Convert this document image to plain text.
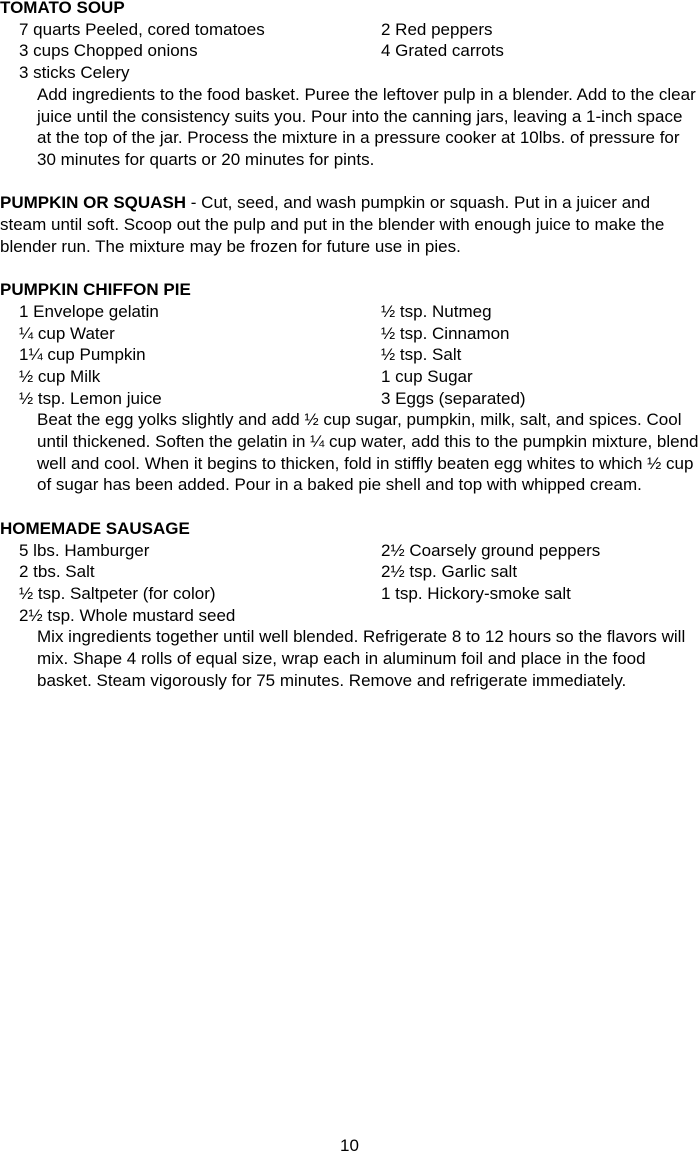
TOMATO SOUP
7 quarts Peeled, cored tomatoes	2 Red peppers
3 cups Chopped onions	4 Grated carrots
3 sticks Celery

Add ingredients to the food basket. Puree the leftover pulp in a blender. Add to the clear juice until the consistency suits you. Pour into the canning jars, leaving a 1-inch space at the top of the jar. Process the mixture in a pressure cooker at 10lbs. of pressure for 30 minutes for quarts or 20 minutes for pints.

PUMPKIN OR SQUASH - Cut, seed, and wash pumpkin or squash. Put in a juicer and steam until soft. Scoop out the pulp and put in the blender with enough juice to make the blender run. The mixture may be frozen for future use in pies.

PUMPKIN CHIFFON PIE
1 Envelope gelatin	½ tsp. Nutmeg
¼ cup Water	½ tsp. Cinnamon
1¼ cup Pumpkin	½ tsp. Salt
½ cup Milk	1 cup Sugar
½ tsp. Lemon juice	3 Eggs (separated)

Beat the egg yolks slightly and add ½ cup sugar, pumpkin, milk, salt, and spices. Cool until thickened. Soften the gelatin in ¼ cup water, add this to the pumpkin mixture, blend well and cool. When it begins to thicken, fold in stiffly beaten egg whites to which ½ cup of sugar has been added. Pour in a baked pie shell and top with whipped cream.

HOMEMADE SAUSAGE
5 lbs. Hamburger	2½ Coarsely ground peppers
2 tbs. Salt	2½ tsp. Garlic salt
½ tsp. Saltpeter (for color)	1 tsp. Hickory-smoke salt
2½ tsp. Whole mustard seed

Mix ingredients together until well blended. Refrigerate 8 to 12 hours so the flavors will mix. Shape 4 rolls of equal size, wrap each in aluminum foil and place in the food basket. Steam vigorously for 75 minutes. Remove and refrigerate immediately.

10
